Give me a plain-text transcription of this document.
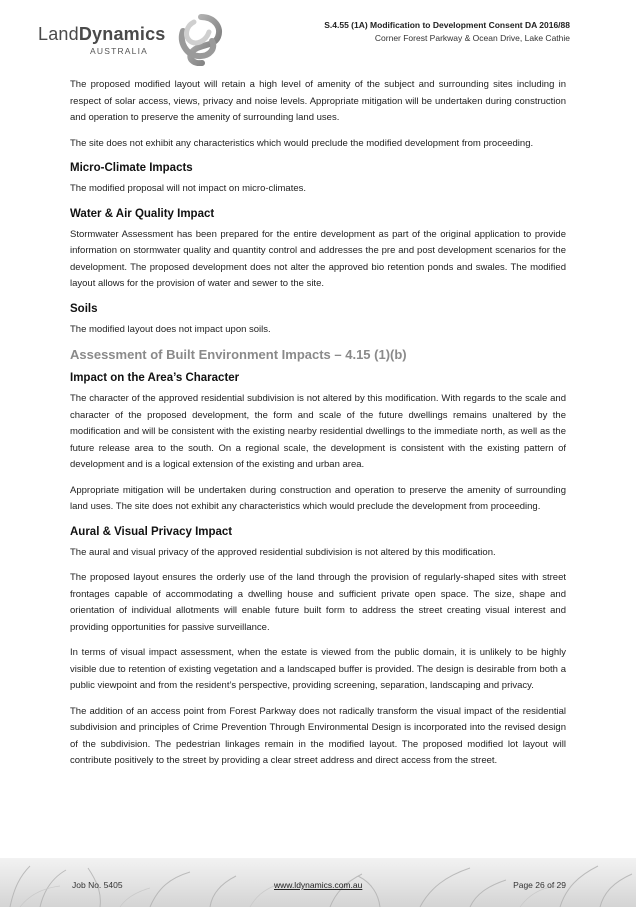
LandDynamics
AUSTRALIA
S.4.55 (1A) Modification to Development Consent DA 2016/88
Corner Forest Parkway & Ocean Drive, Lake Cathie

The proposed modified layout will retain a high level of amenity of the subject and surrounding sites including in respect of solar access, views, privacy and noise levels. Appropriate mitigation will be undertaken during construction and operation to preserve the amenity of surrounding land uses.

The site does not exhibit any characteristics which would preclude the modified development from proceeding.

Micro-Climate Impacts

The modified proposal will not impact on micro-climates.

Water & Air Quality Impact

Stormwater Assessment has been prepared for the entire development as part of the original application to provide information on stormwater quality and quantity control and addresses the pre and post development scenarios for the development. The proposed development does not alter the approved bio retention ponds and swales. The modified layout allows for the provision of water and sewer to the site.

Soils

The modified layout does not impact upon soils.

Assessment of Built Environment Impacts – 4.15 (1)(b)
Impact on the Area’s Character

The character of the approved residential subdivision is not altered by this modification. With regards to the scale and character of the proposed development, the form and scale of the future dwellings remains unaltered by the modification and will be consistent with the existing nearby residential dwellings to the immediate north, as well as the future release area to the south. On a regional scale, the development is consistent with the existing pattern of development and is a logical extension of the existing and urban area.

Appropriate mitigation will be undertaken during construction and operation to preserve the amenity of surrounding land uses. The site does not exhibit any characteristics which would preclude the development from proceeding.

Aural & Visual Privacy Impact

The aural and visual privacy of the approved residential subdivision is not altered by this modification.

The proposed layout ensures the orderly use of the land through the provision of regularly-shaped sites with street frontages capable of accommodating a dwelling house and sufficient private open space. The size, shape and orientation of individual allotments will enable future built form to address the street creating visual interest and providing opportunities for passive surveillance.

In terms of visual impact assessment, when the estate is viewed from the public domain, it is unlikely to be highly visible due to retention of existing vegetation and a landscaped buffer is provided. The design is desirable from both a public viewpoint and from the resident’s perspective, providing screening, separation, landscaping and privacy.

The addition of an access point from Forest Parkway does not radically transform the visual impact of the residential subdivision and principles of Crime Prevention Through Environmental Design is incorporated into the revised design of the subdivision. The pedestrian linkages remain in the modified layout. The proposed modified lot layout will contribute positively to the street by providing a clear street address and direct access from the street.

Job No. 5405	www.ldynamics.com.au	Page 26 of 29
